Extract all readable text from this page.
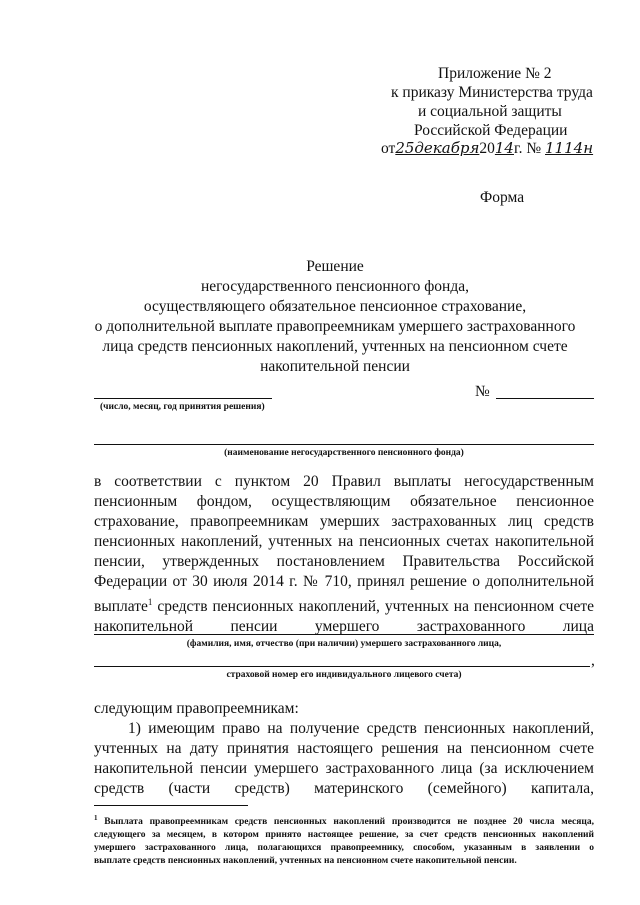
Приложение № 2
к приказу Министерства труда
и социальной защиты
Российской Федерации
от25декабря2014г. № 1114н
Форма
Решение
негосударственного пенсионного фонда,
осуществляющего обязательное пенсионное страхование,
о дополнительной выплате правопреемникам умершего застрахованного
лица средств пенсионных накоплений, учтенных на пенсионном счете
накопительной пенсии
(число, месяц, год принятия решения)
№
(наименование негосударственного пенсионного фонда)
в соответствии с пунктом 20 Правил выплаты негосударственным
пенсионным фондом, осуществляющим обязательное пенсионное
страхование, правопреемникам умерших застрахованных лиц средств
пенсионных накоплений, учтенных на пенсионных счетах накопительной
пенсии, утвержденных постановлением Правительства Российской
Федерации от 30 июля 2014 г. № 710, принял решение о дополнительной
выплате$^1$ средств пенсионных накоплений, учтенных на пенсионном счете
накопительной пенсии умершего застрахованного лица
(фамилия, имя, отчество (при наличии) умершего застрахованного лица,
,
страховой номер его индивидуального лицевого счета)
следующим правопреемникам:
1) имеющим право на получение средств пенсионных накоплений,
учтенных на дату принятия настоящего решения на пенсионном счете
накопительной пенсии умершего застрахованного лица (за исключением
средств (части средств) материнского (семейного) капитала,
$^1$ Выплата правопреемникам средств пенсионных накоплений производится не позднее 20 числа месяца,
следующего за месяцем, в котором принято настоящее решение, за счет средств пенсионных накоплений
умершего застрахованного лица, полагающихся правопреемнику, способом, указанным в заявлении о
выплате средств пенсионных накоплений, учтенных на пенсионном счете накопительной пенсии.
